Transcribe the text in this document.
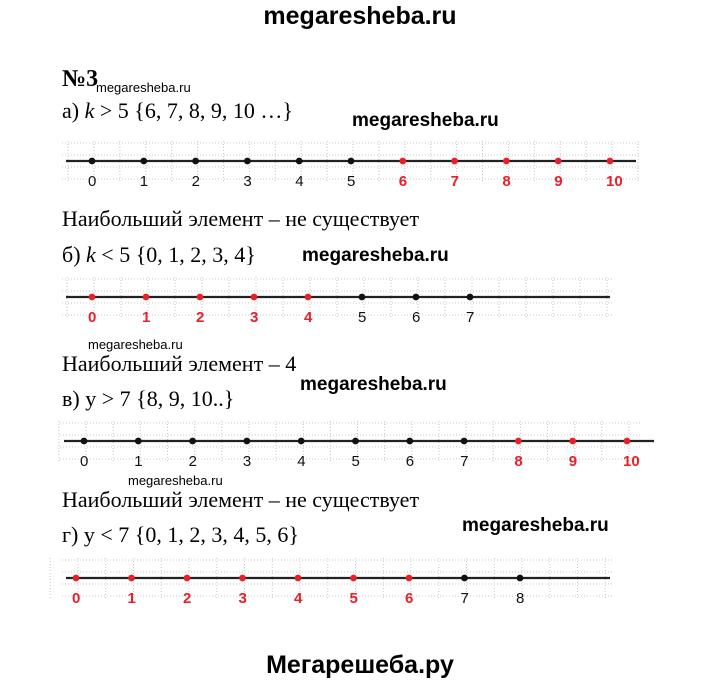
megaresheba.ru
№3
megaresheba.ru
а) k > 5 {6, 7, 8, 9, 10 …}	megaresheba.ru
0	1	2	3	4	5	6	7	8	9	10
Наибольший элемент – не существует
б) k < 5 {0, 1, 2, 3, 4} megaresheba.ru
0	1	2	3	4	5	6	7
megaresheba.ru
Наибольший элемент – 4
megaresheba.ru
в) у > 7 {8, 9, 10..}
0	1	2	3	4	5	6	7	8	9	10
megaresheba.ru
Наибольший элемент – не существует
megaresheba.ru
г) у < 7 {0, 1, 2, 3, 4, 5, 6}
0	1	2	3	4	5	6	7	8
Мегарешеба.ру
